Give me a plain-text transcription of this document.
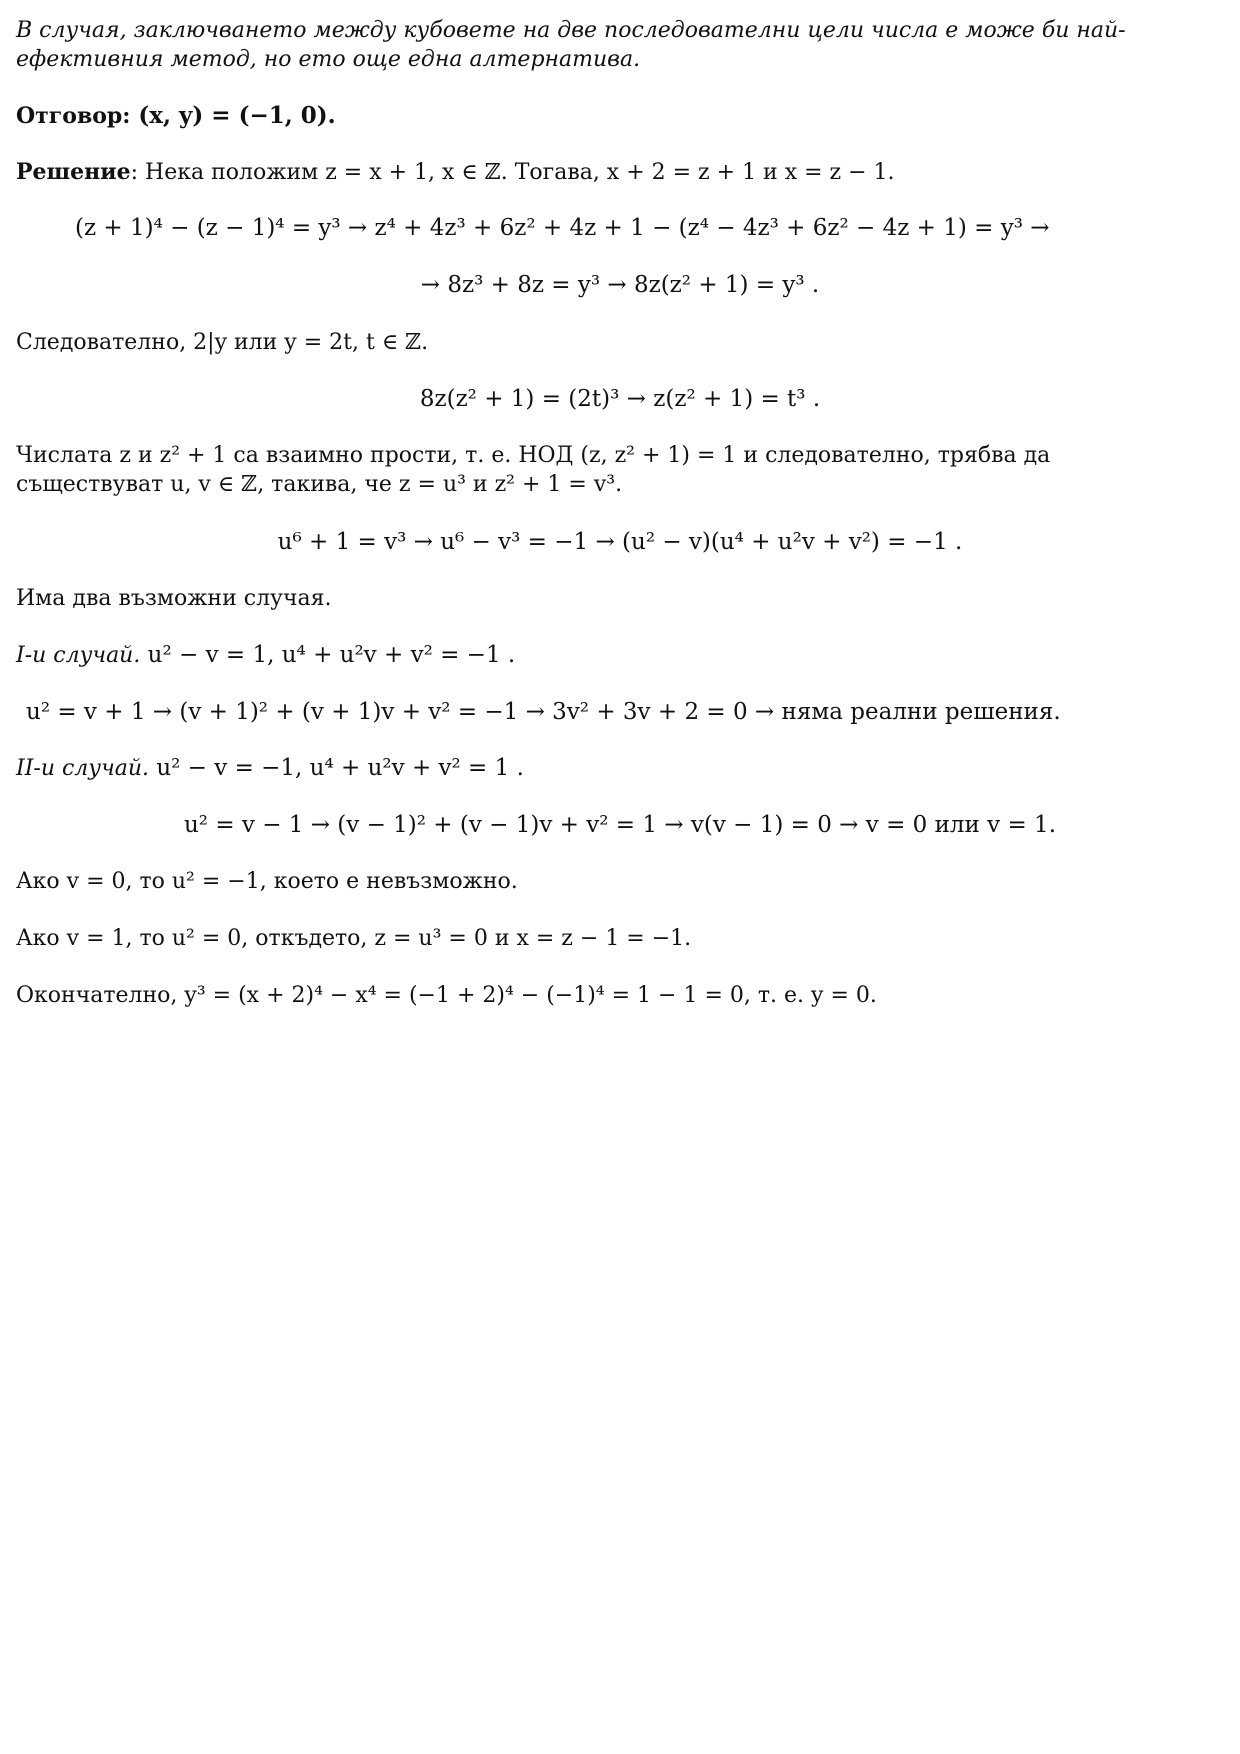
В случая, заключването между кубовете на две последователни цели числа е може би най-
ефективния метод, но ето още една алтернатива.
Отговор: (x, y) = (−1, 0).
Решение: Нека положим z = x + 1, x ∈ ℤ. Тогава, x + 2 = z + 1 и x = z − 1.
(z + 1)⁴ − (z − 1)⁴ = y³ → z⁴ + 4z³ + 6z² + 4z + 1 − (z⁴ − 4z³ + 6z² − 4z + 1) = y³ →
→ 8z³ + 8z = y³ → 8z(z² + 1) = y³ .
Следователно, 2|y или y = 2t, t ∈ ℤ.
8z(z² + 1) = (2t)³ → z(z² + 1) = t³ .
Числата z и z² + 1 са взаимно прости, т. е. НОД (z, z² + 1) = 1 и следователно, трябва да
съществуват u, v ∈ ℤ, такива, че z = u³ и z² + 1 = v³.
u⁶ + 1 = v³ → u⁶ − v³ = −1 → (u² − v)(u⁴ + u²v + v²) = −1 .
Има два възможни случая.
I-и случай. u² − v = 1, u⁴ + u²v + v² = −1 .
u² = v + 1 → (v + 1)² + (v + 1)v + v² = −1 → 3v² + 3v + 2 = 0 → няма реални решения.
II-и случай. u² − v = −1, u⁴ + u²v + v² = 1 .
u² = v − 1 → (v − 1)² + (v − 1)v + v² = 1 → v(v − 1) = 0 → v = 0 или v = 1.
Ако v = 0, то u² = −1, което е невъзможно.
Ако v = 1, то u² = 0, откъдето, z = u³ = 0 и x = z − 1 = −1.
Окончателно, y³ = (x + 2)⁴ − x⁴ = (−1 + 2)⁴ − (−1)⁴ = 1 − 1 = 0, т. е. y = 0.
